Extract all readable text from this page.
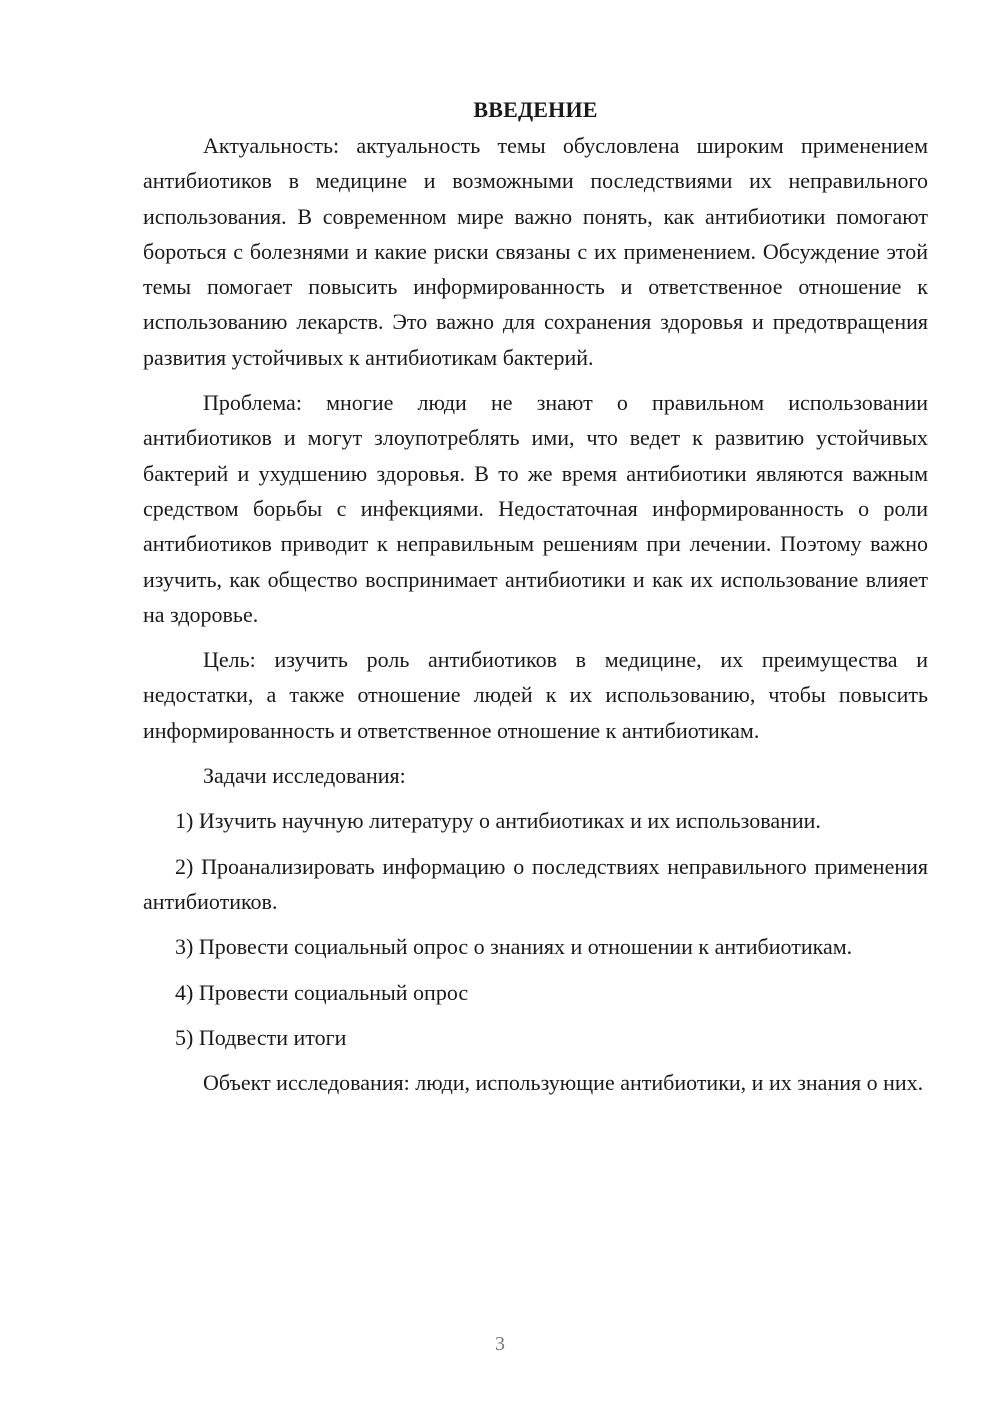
ВВЕДЕНИЕ

Актуальность: актуальность темы обусловлена широким применением антибиотиков в медицине и возможными последствиями их неправильного использования. В современном мире важно понять, как антибиотики помогают бороться с болезнями и какие риски связаны с их применением. Обсуждение этой темы помогает повысить информированность и ответственное отношение к использованию лекарств. Это важно для сохранения здоровья и предотвращения развития устойчивых к антибиотикам бактерий.

Проблема: многие люди не знают о правильном использовании антибиотиков и могут злоупотреблять ими, что ведет к развитию устойчивых бактерий и ухудшению здоровья. В то же время антибиотики являются важным средством борьбы с инфекциями. Недостаточная информированность о роли антибиотиков приводит к неправильным решениям при лечении. Поэтому важно изучить, как общество воспринимает антибиотики и как их использование влияет на здоровье.

Цель: изучить роль антибиотиков в медицине, их преимущества и недостатки, а также отношение людей к их использованию, чтобы повысить информированность и ответственное отношение к антибиотикам.

Задачи исследования:

1) Изучить научную литературу о антибиотиках и их использовании.

2) Проанализировать информацию о последствиях неправильного применения антибиотиков.

3) Провести социальный опрос о знаниях и отношении к антибиотикам.

4) Провести социальный опрос

5) Подвести итоги

Объект исследования: люди, использующие антибиотики, и их знания о них.

3
